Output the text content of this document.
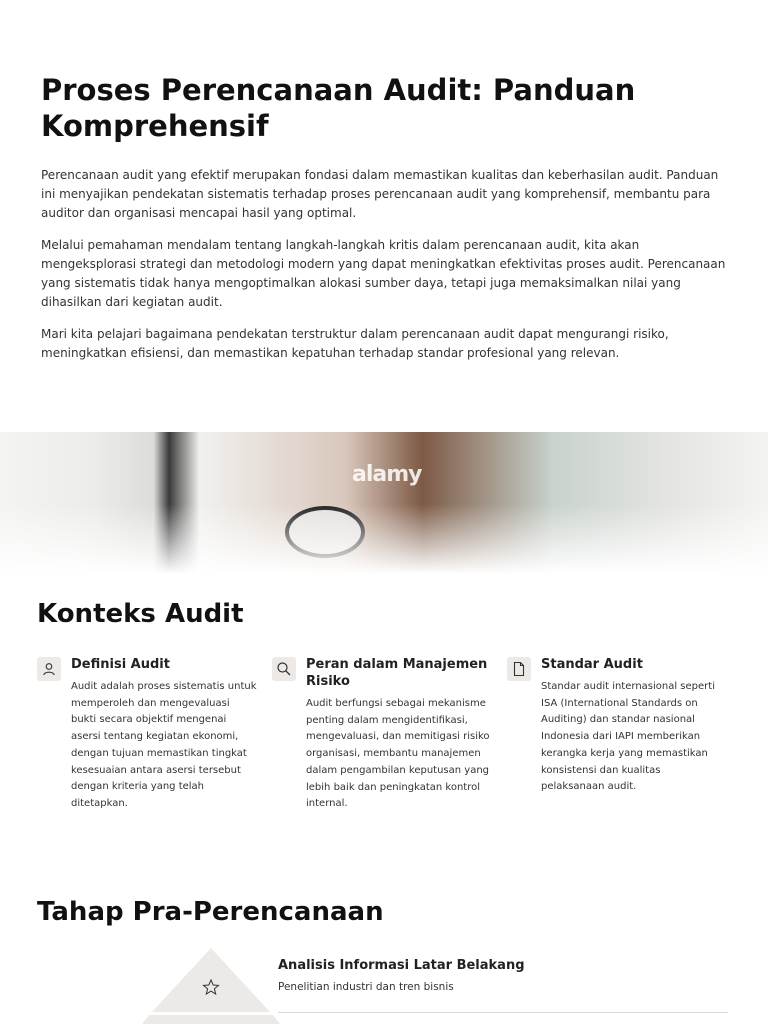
Proses Perencanaan Audit: Panduan Komprehensif

Perencanaan audit yang efektif merupakan fondasi dalam memastikan kualitas dan keberhasilan audit. Panduan ini menyajikan pendekatan sistematis terhadap proses perencanaan audit yang komprehensif, membantu para auditor dan organisasi mencapai hasil yang optimal.

Melalui pemahaman mendalam tentang langkah-langkah kritis dalam perencanaan audit, kita akan mengeksplorasi strategi dan metodologi modern yang dapat meningkatkan efektivitas proses audit. Perencanaan yang sistematis tidak hanya mengoptimalkan alokasi sumber daya, tetapi juga memaksimalkan nilai yang dihasilkan dari kegiatan audit.

Mari kita pelajari bagaimana pendekatan terstruktur dalam perencanaan audit dapat mengurangi risiko, meningkatkan efisiensi, dan memastikan kepatuhan terhadap standar profesional yang relevan.

alamy
Konteks Audit
Definisi Audit

Audit adalah proses sistematis untuk memperoleh dan mengevaluasi bukti secara objektif mengenai asersi tentang kegiatan ekonomi, dengan tujuan memastikan tingkat kesesuaian antara asersi tersebut dengan kriteria yang telah ditetapkan.

Peran dalam Manajemen Risiko

Audit berfungsi sebagai mekanisme penting dalam mengidentifikasi, mengevaluasi, dan memitigasi risiko organisasi, membantu manajemen dalam pengambilan keputusan yang lebih baik dan peningkatan kontrol internal.

Standar Audit

Standar audit internasional seperti ISA (International Standards on Auditing) dan standar nasional Indonesia dari IAPI memberikan kerangka kerja yang memastikan konsistensi dan kualitas pelaksanaan audit.

Tahap Pra-Perencanaan
Analisis Informasi Latar Belakang

Penelitian industri dan tren bisnis
